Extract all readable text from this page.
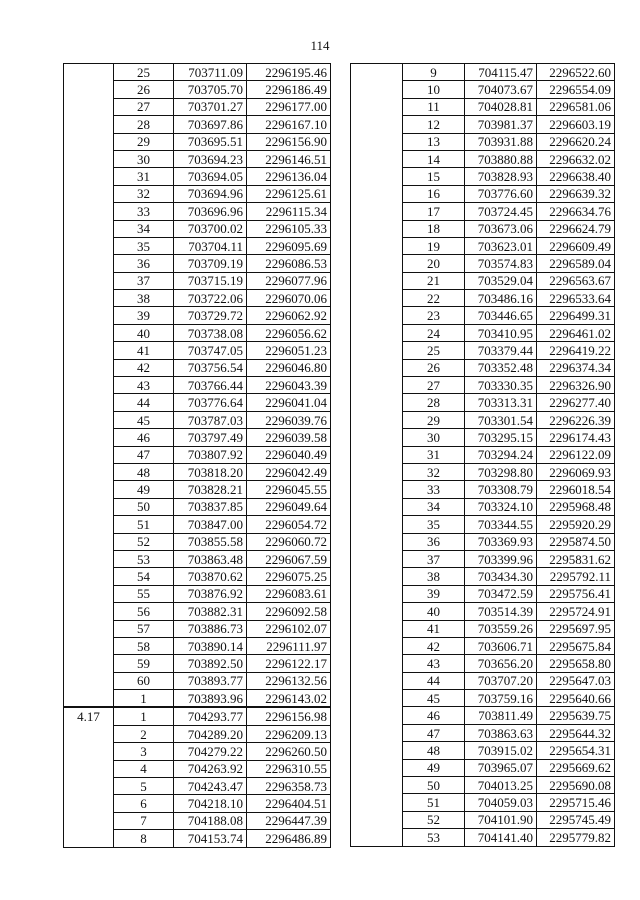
114
	25	703711.09	2296195.46
	26	703705.70	2296186.49
	27	703701.27	2296177.00
	28	703697.86	2296167.10
	29	703695.51	2296156.90
	30	703694.23	2296146.51
	31	703694.05	2296136.04
	32	703694.96	2296125.61
	33	703696.96	2296115.34
	34	703700.02	2296105.33
	35	703704.11	2296095.69
	36	703709.19	2296086.53
	37	703715.19	2296077.96
	38	703722.06	2296070.06
	39	703729.72	2296062.92
	40	703738.08	2296056.62
	41	703747.05	2296051.23
	42	703756.54	2296046.80
	43	703766.44	2296043.39
	44	703776.64	2296041.04
	45	703787.03	2296039.76
	46	703797.49	2296039.58
	47	703807.92	2296040.49
	48	703818.20	2296042.49
	49	703828.21	2296045.55
	50	703837.85	2296049.64
	51	703847.00	2296054.72
	52	703855.58	2296060.72
	53	703863.48	2296067.59
	54	703870.62	2296075.25
	55	703876.92	2296083.61
	56	703882.31	2296092.58
	57	703886.73	2296102.07
	58	703890.14	2296111.97
	59	703892.50	2296122.17
	60	703893.77	2296132.56
	1	703893.96	2296143.02
4.17	1	704293.77	2296156.98
	2	704289.20	2296209.13
	3	704279.22	2296260.50
	4	704263.92	2296310.55
	5	704243.47	2296358.73
	6	704218.10	2296404.51
	7	704188.08	2296447.39
	8	704153.74	2296486.89
	9	704115.47	2296522.60
	10	704073.67	2296554.09
	11	704028.81	2296581.06
	12	703981.37	2296603.19
	13	703931.88	2296620.24
	14	703880.88	2296632.02
	15	703828.93	2296638.40
	16	703776.60	2296639.32
	17	703724.45	2296634.76
	18	703673.06	2296624.79
	19	703623.01	2296609.49
	20	703574.83	2296589.04
	21	703529.04	2296563.67
	22	703486.16	2296533.64
	23	703446.65	2296499.31
	24	703410.95	2296461.02
	25	703379.44	2296419.22
	26	703352.48	2296374.34
	27	703330.35	2296326.90
	28	703313.31	2296277.40
	29	703301.54	2296226.39
	30	703295.15	2296174.43
	31	703294.24	2296122.09
	32	703298.80	2296069.93
	33	703308.79	2296018.54
	34	703324.10	2295968.48
	35	703344.55	2295920.29
	36	703369.93	2295874.50
	37	703399.96	2295831.62
	38	703434.30	2295792.11
	39	703472.59	2295756.41
	40	703514.39	2295724.91
	41	703559.26	2295697.95
	42	703606.71	2295675.84
	43	703656.20	2295658.80
	44	703707.20	2295647.03
	45	703759.16	2295640.66
	46	703811.49	2295639.75
	47	703863.63	2295644.32
	48	703915.02	2295654.31
	49	703965.07	2295669.62
	50	704013.25	2295690.08
	51	704059.03	2295715.46
	52	704101.90	2295745.49
	53	704141.40	2295779.82
